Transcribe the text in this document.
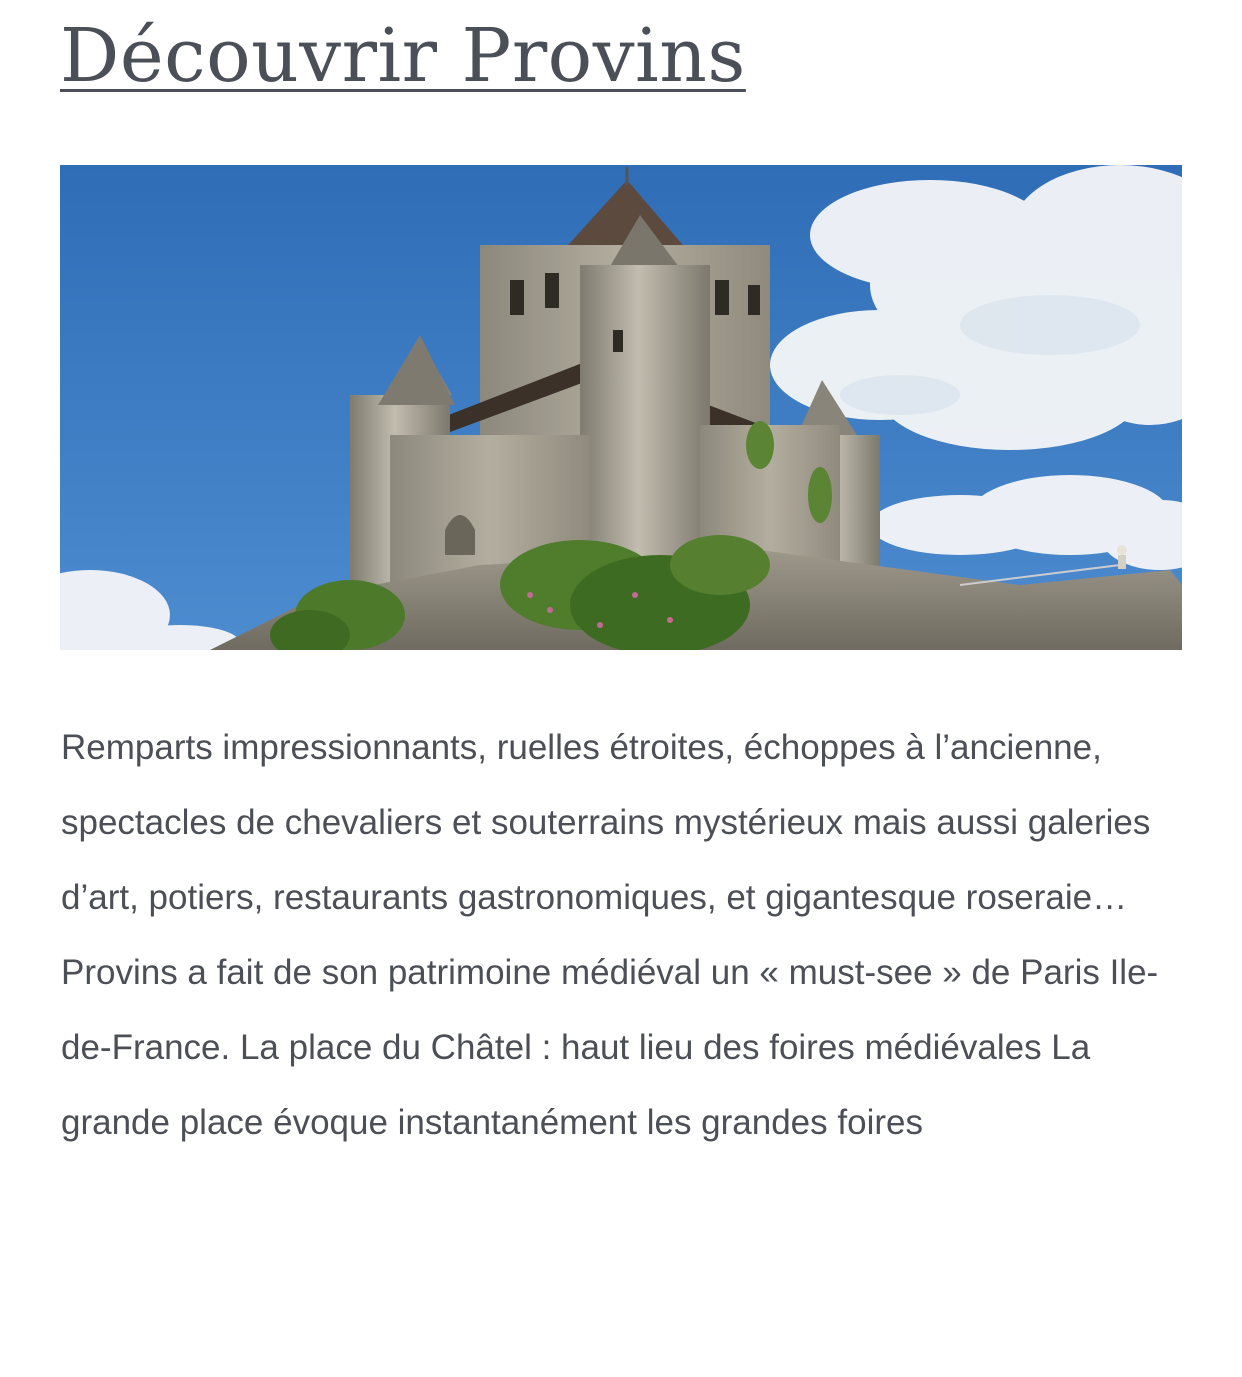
Découvrir Provins

Remparts impressionnants, ruelles étroites, échoppes à l’ancienne, spectacles de chevaliers et souterrains mystérieux mais aussi galeries d’art, potiers, restaurants gastronomiques, et gigantesque roseraie… Provins a fait de son patrimoine médiéval un « must-see » de Paris Ile-de-France. La place du Châtel : haut lieu des foires médiévales La grande place évoque instantanément les grandes foires
